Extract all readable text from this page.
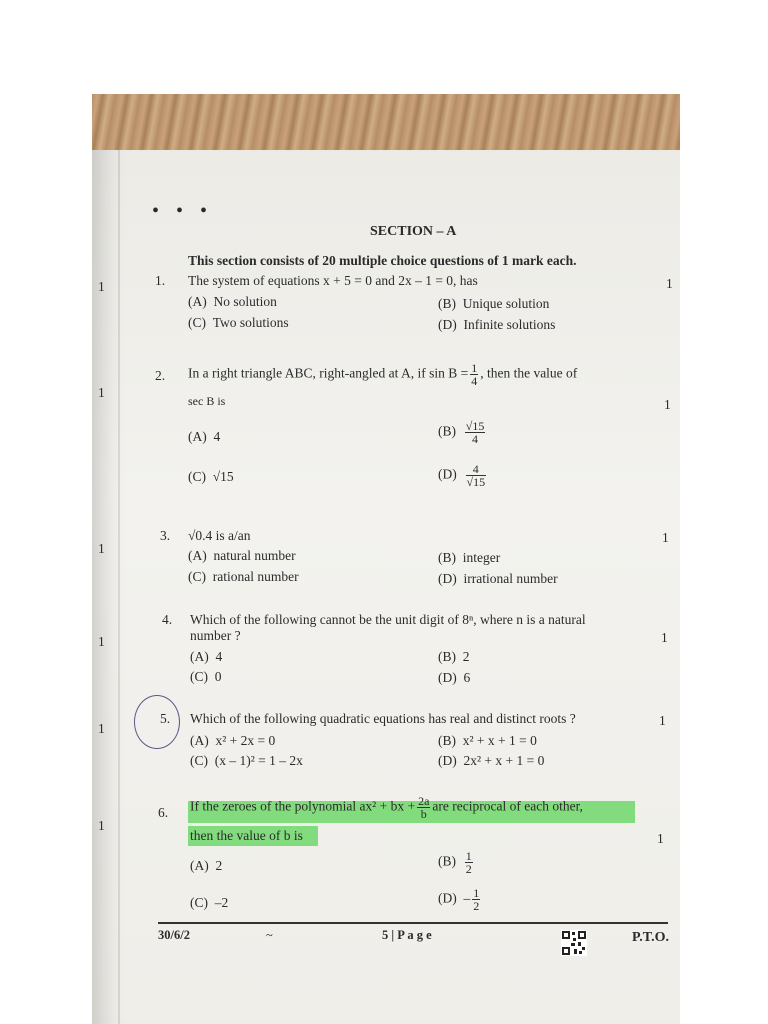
• • •
SECTION – A
This section consists of 20 multiple choice questions of 1 mark each.
1
1
1
1
1
1
1. The system of equations x + 5 = 0 and 2x – 1 = 0, has	1
(A) No solution	(B) Unique solution
(C) Two solutions	(D) Infinite solutions
2. In a right triangle ABC, right-angled at A, if $\sin B = \frac{1}{4}$ , then the value of
sec B is	1
(A) 4	$(B) \frac{√15}{4}$
(C) √15	$(D) \frac{4}{√15}$
3. √0.4 is a/an	1
(A) natural number	(B) integer
(C) rational number	(D) irrational number
4. Which of the following cannot be the unit digit of 8ⁿ, where n is a natural
number ?	1
(A) 4	(B) 2
(C) 0	(D) 6
5. Which of the following quadratic equations has real and distinct roots ?	1
(A) x² + 2x = 0	(B) x² + x + 1 = 0
(C) (x – 1)² = 1 – 2x	(D) 2x² + x + 1 = 0
6. If the zeroes of the polynomial ax² + bx + $\frac{2a}{b}$ are reciprocal of each other,
then the value of b is	1
(A) 2	$(B) \frac{1}{2}$
(C) –2	$(D) - \frac{1}{2}$
30/6/2	~	5 | P a g e	P.T.O.
